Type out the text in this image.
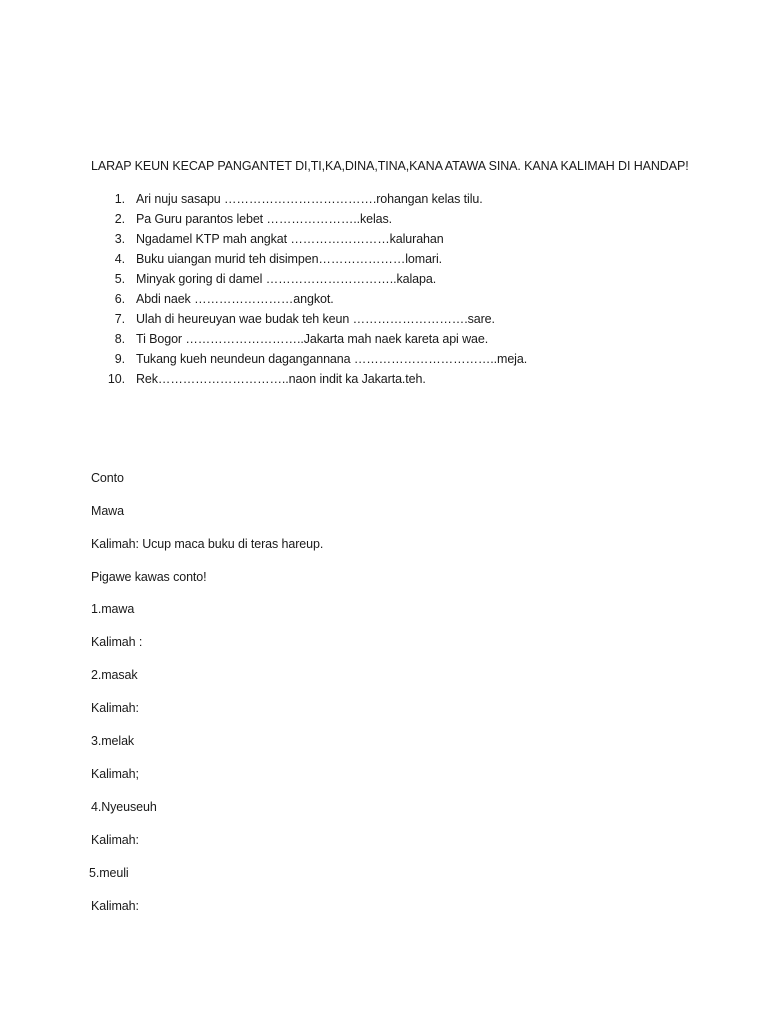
LARAP KEUN KECAP PANGANTET DI,TI,KA,DINA,TINA,KANA ATAWA SINA. KANA KALIMAH DI HANDAP!
1. Ari nuju sasapu ……………………………….rohangan kelas tilu.
2. Pa Guru parantos lebet …………………..kelas.
3. Ngadamel KTP mah angkat ……………………kalurahan
4. Buku uiangan murid teh disimpen…………………lomari.
5. Minyak goring di damel …………………………..kalapa.
6. Abdi naek ……………………angkot.
7. Ulah di heureuyan wae budak teh keun ……………………….sare.
8. Ti Bogor ………………………..Jakarta mah naek kareta api wae.
9. Tukang kueh neundeun dagangannana ……………………………..meja.
10. Rek…………………………..naon indit ka Jakarta.teh.
Conto
Mawa
Kalimah: Ucup maca buku di teras hareup.
Pigawe kawas conto!
1.mawa
Kalimah :
2.masak
Kalimah:
3.melak
Kalimah;
4.Nyeuseuh
Kalimah:
5.meuli
Kalimah:
